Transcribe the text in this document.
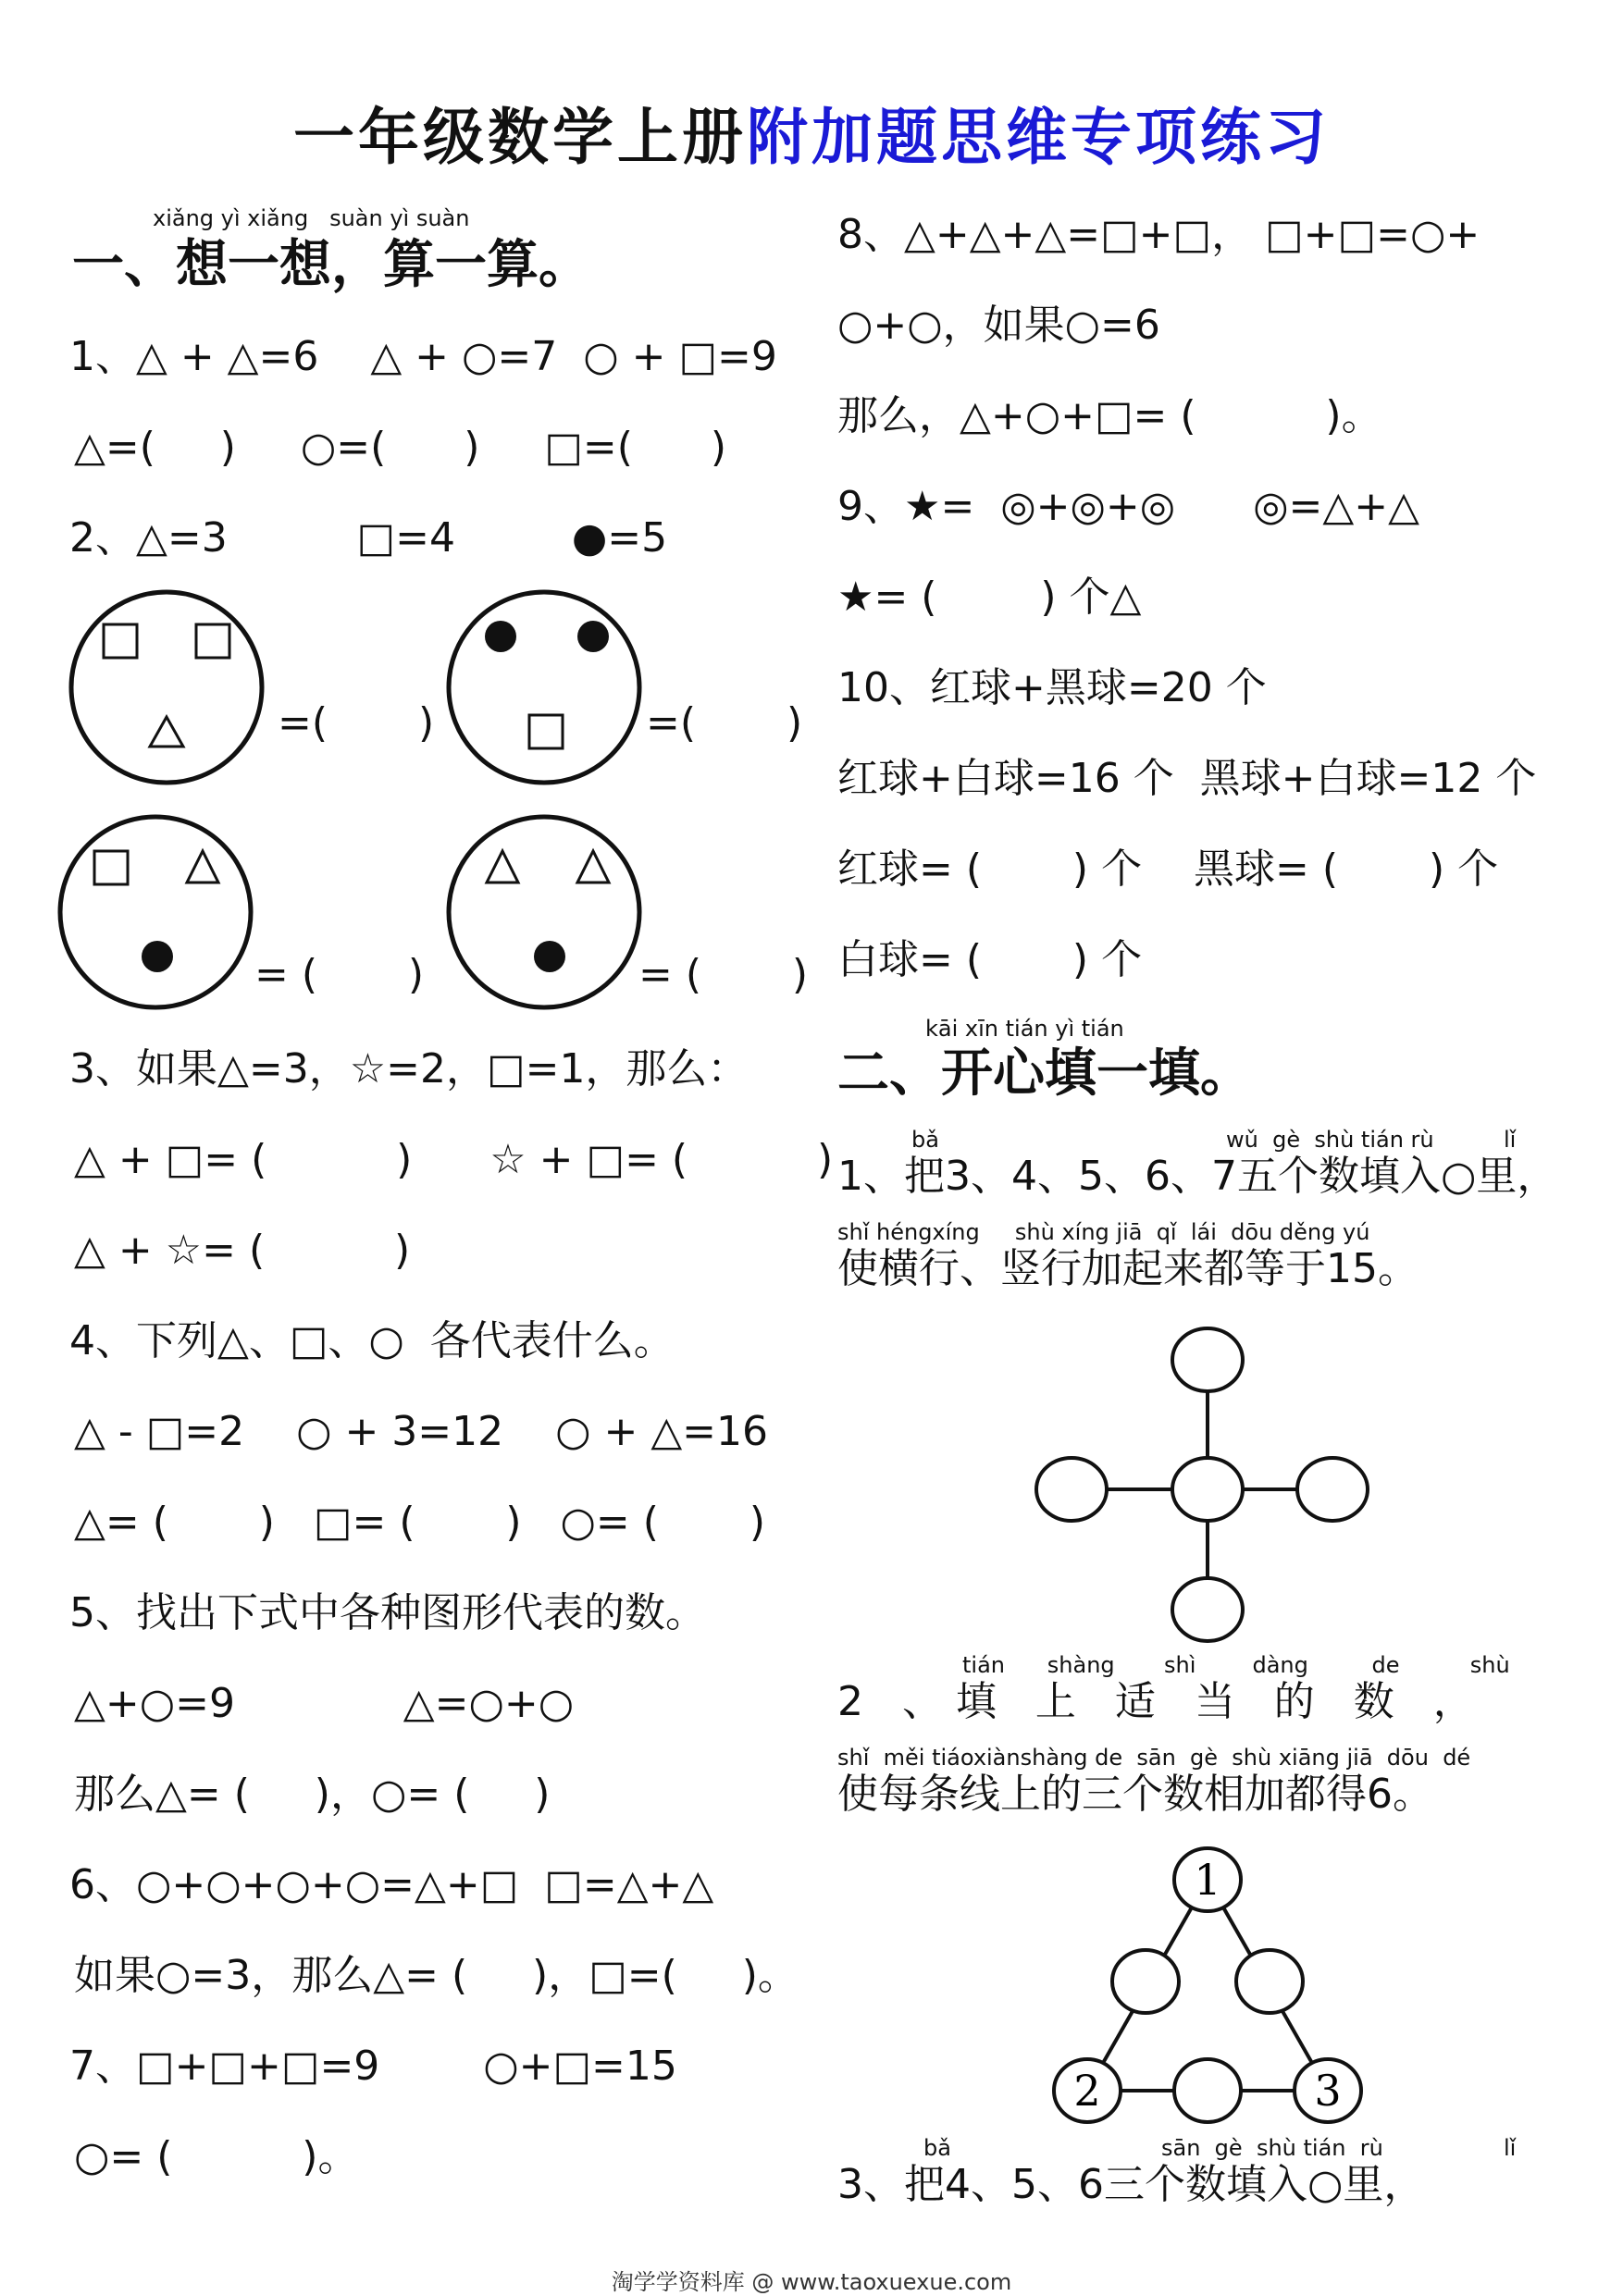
一年级数学上册附加题思维专项练习
xiǎng yì xiǎng   suàn yì suàn
一、想一想，算一算。
1、△ + △=6    △ + ○=7  ○ + □=9
△=(     )     ○=(      )     □=(      )
2、△=3          □=4         ●=5
=(       )	=(       )
= (       )	= (       )
3、如果△=3，☆=2，□=1，那么：
△ + □= (          )      ☆ + □= (          )
△ + ☆= (          )
4、下列△、□、○  各代表什么。
△ - □=2    ○ + 3=12    ○ + △=16
△= (       )   □= (       )   ○= (       )
5、找出下式中各种图形代表的数。
△+○=9             △=○+○
那么△= (     )，○= (     )
6、○+○+○+○=△+□  □=△+△
如果○=3，那么△= (     )，□=(     )。
7、□+□+□=9        ○+□=15
○= (          )。
8、△+△+△=□+□， □+□=○+
○+○，如果○=6
那么，△+○+□= (          )。
9、★=  ◎+◎+◎      ◎=△+△
★= (        ) 个△
10、红球+黑球=20 个
红球+白球=16 个  黑球+白球=12 个
红球= (       ) 个    黑球= (       ) 个
白球= (       ) 个
kāi xīn tián yì tián
二、开心填一填。
bǎ	wǔ  gè  shù tián rù	lǐ
1、把3、4、5、6、7五个数填入○里，
shǐ héngxíng     shù xíng jiā  qǐ  lái  dōu děng yú
使横行、竖行加起来都等于15。
tián      shàng       shì        dàng         de          shù
2   、 填   上   适   当   的   数   ，
shǐ  měi tiáoxiànshàng de  sān  gè  shù xiāng jiā  dōu  dé
使每条线上的三个数相加都得6。
1
2	3
bǎ	sān  gè  shù tián  rù	lǐ
3、把4、5、6三个数填入○里，
淘学学资料库 @ www.taoxuexue.com
